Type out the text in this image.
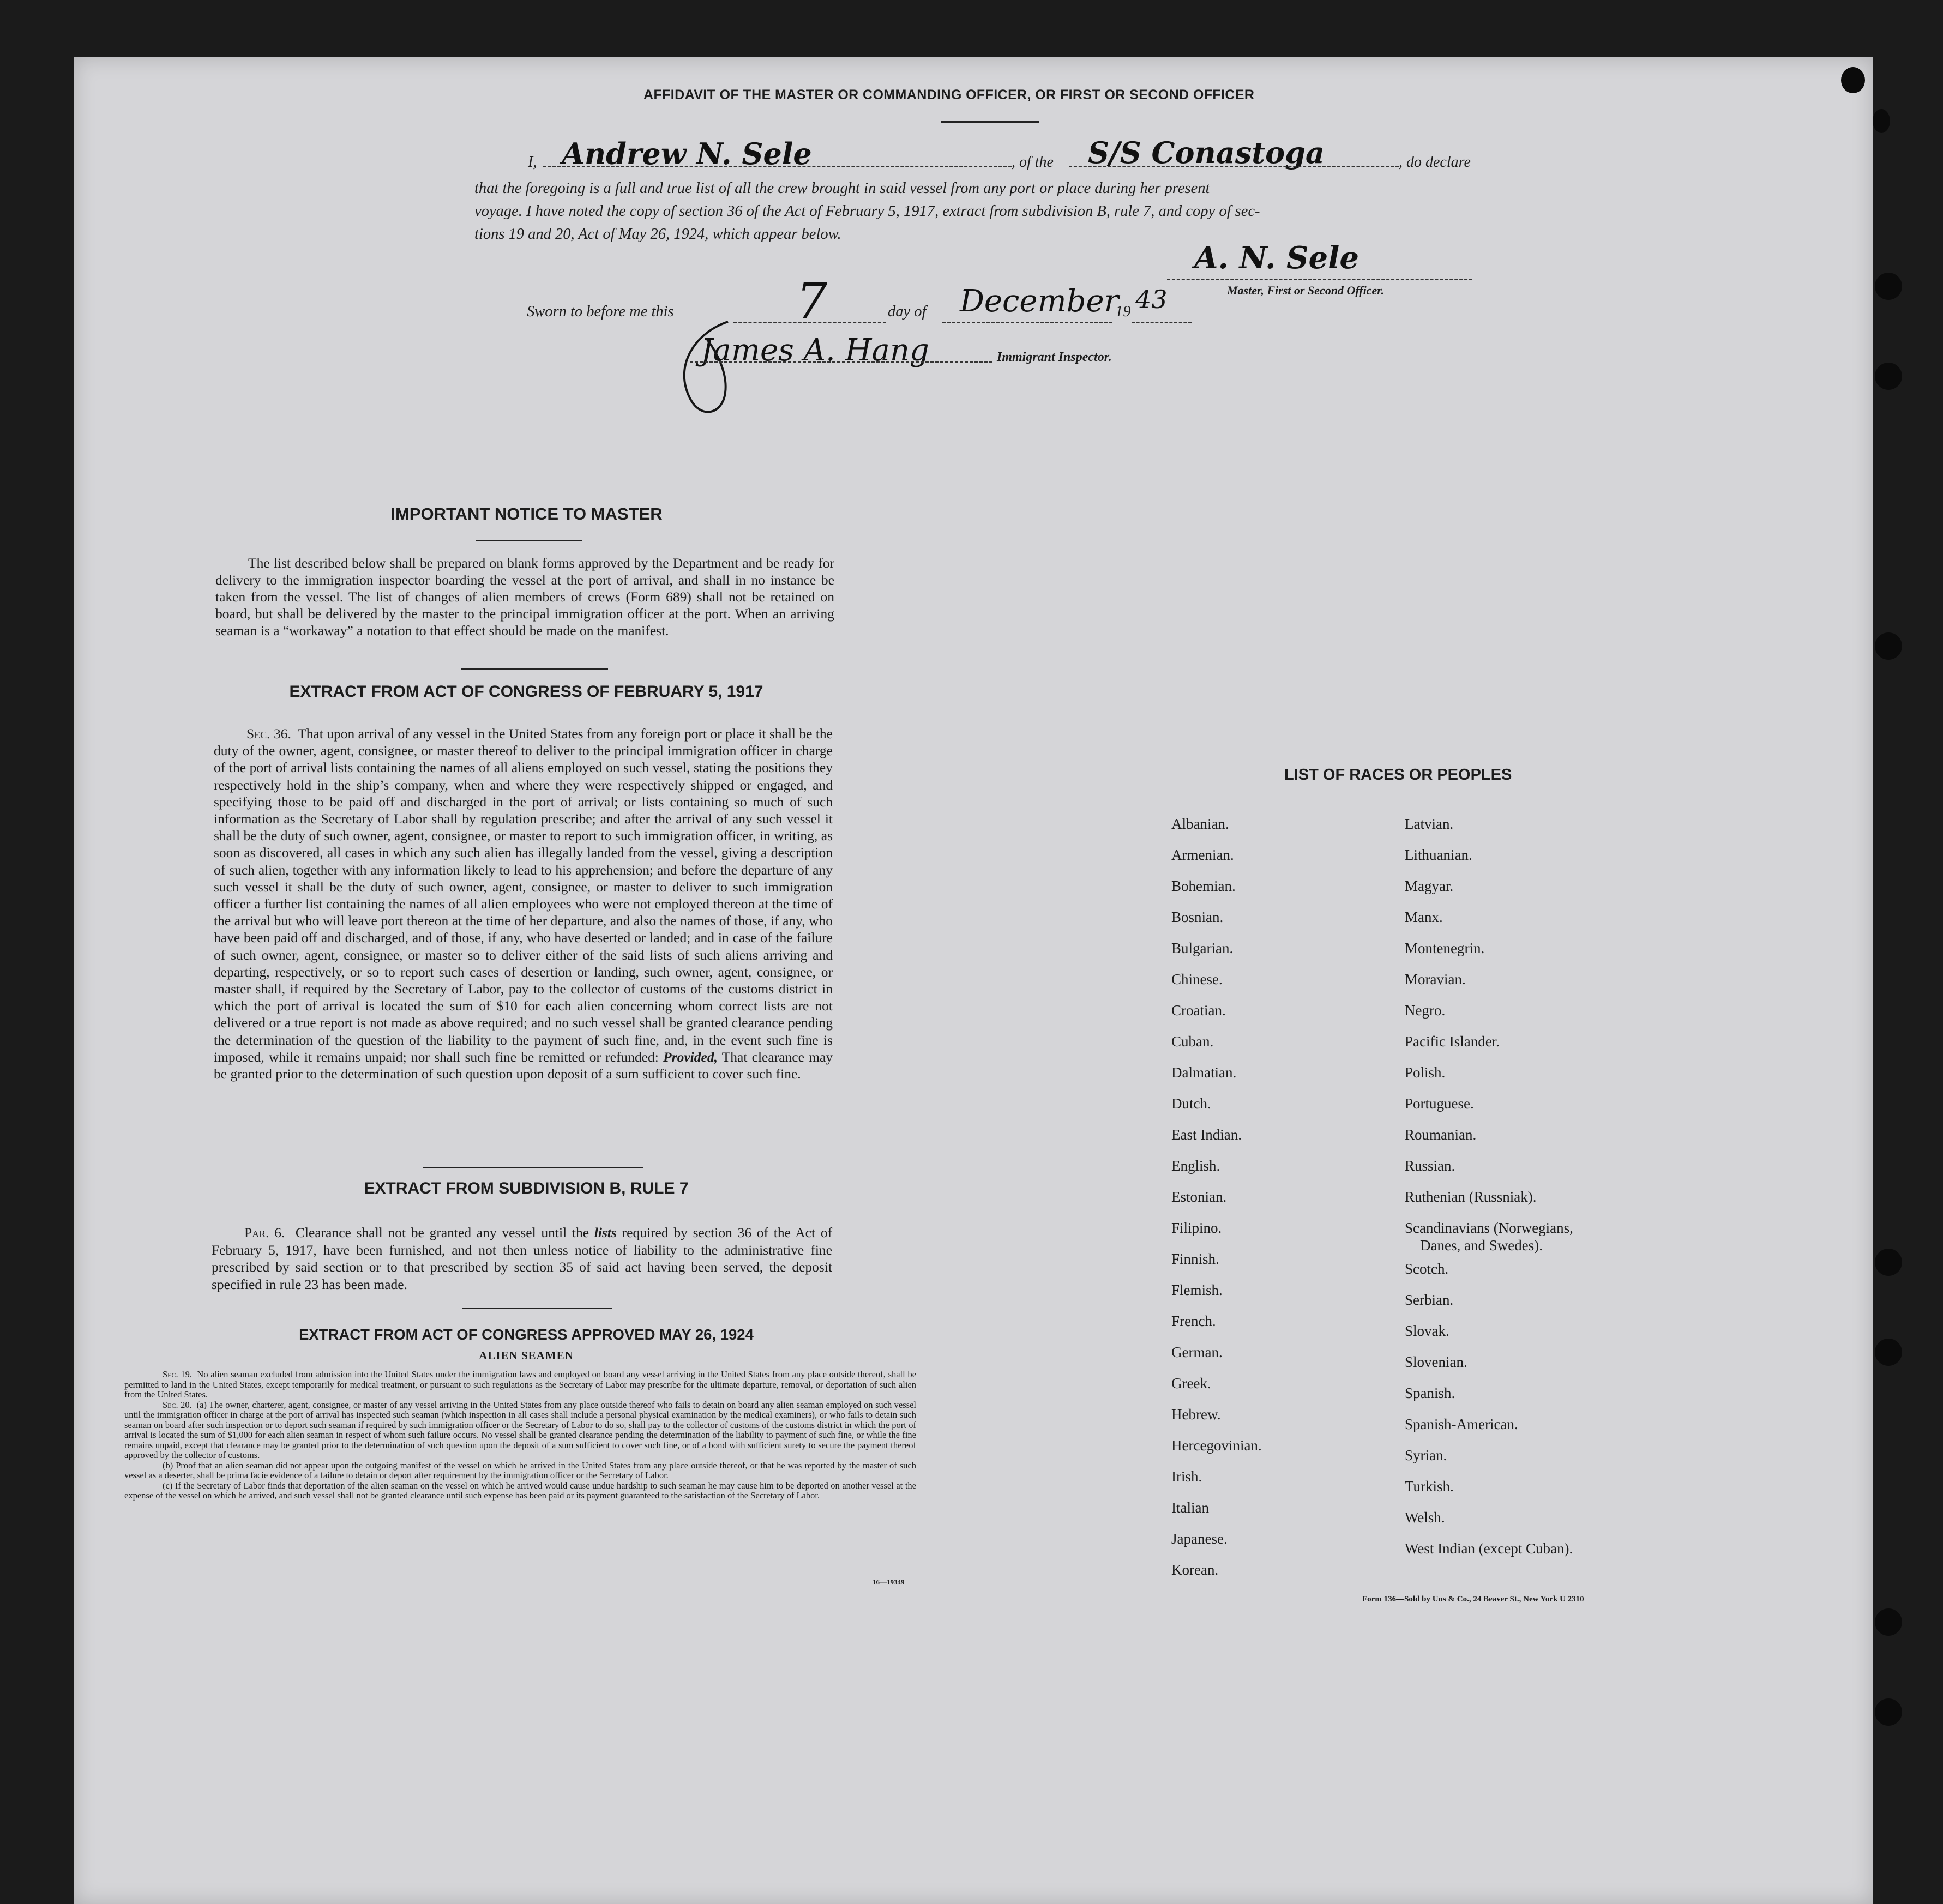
AFFIDAVIT OF THE MASTER OR COMMANDING OFFICER, OR FIRST OR SECOND OFFICER
I, Andrew N. Sele	, of the S/S Conastoga	, do declare
that the foregoing is a full and true list of all the crew brought in said vessel from any port or place during her present
voyage. I have noted the copy of section 36 of the Act of February 5, 1917, extract from subdivision B, rule 7, and copy of sec-
tions 19 and 20, Act of May 26, 1924, which appear below.
A. N. Sele
Master, First or Second Officer.
Sworn to before me this 7	day of December
19 43
James A. Hang	Immigrant Inspector.
IMPORTANT NOTICE TO MASTER
The list described below shall be prepared on blank forms approved by the Department and be ready for delivery to the immigration inspector boarding the vessel at the port of arrival, and shall in no instance be taken from the vessel. The list of changes of alien members of crews (Form 689) shall not be retained on board, but shall be delivered by the master to the principal immigration officer at the port. When an arriving seaman is a “workaway” a notation to that effect should be made on the manifest.
EXTRACT FROM ACT OF CONGRESS OF FEBRUARY 5, 1917
Sec. 36. That upon arrival of any vessel in the United States from any foreign port or place it shall be the duty of the owner, agent, consignee, or master thereof to deliver to the principal immigration officer in charge of the port of arrival lists containing the names of all aliens employed on such vessel, stating the positions they respectively hold in the ship’s company, when and where they were respectively shipped or engaged, and specifying those to be paid off and discharged in the port of arrival; or lists containing so much of such information as the Secretary of Labor shall by regulation prescribe; and after the arrival of any such vessel it shall be the duty of such owner, agent, consignee, or master to report to such immigration officer, in writing, as soon as discovered, all cases in which any such alien has illegally landed from the vessel, giving a description of such alien, together with any information likely to lead to his apprehension; and before the departure of any such vessel it shall be the duty of such owner, agent, consignee, or master to deliver to such immigration officer a further list containing the names of all alien employees who were not employed thereon at the time of the arrival but who will leave port thereon at the time of her departure, and also the names of those, if any, who have been paid off and discharged, and of those, if any, who have deserted or landed; and in case of the failure of such owner, agent, consignee, or master so to deliver either of the said lists of such aliens arriving and departing, respectively, or so to report such cases of desertion or landing, such owner, agent, consignee, or master shall, if required by the Secretary of Labor, pay to the collector of customs of the customs district in which the port of arrival is located the sum of $10 for each alien concerning whom correct lists are not delivered or a true report is not made as above required; and no such vessel shall be granted clearance pending the determination of the question of the liability to the payment of such fine, and, in the event such fine is imposed, while it remains unpaid; nor shall such fine be remitted or refunded: Provided, That clearance may be granted prior to the determination of such question upon deposit of a sum sufficient to cover such fine.
EXTRACT FROM SUBDIVISION B, RULE 7
Par. 6. Clearance shall not be granted any vessel until the lists required by section 36 of the Act of February 5, 1917, have been furnished, and not then unless notice of liability to the administrative fine prescribed by said section or to that prescribed by section 35 of said act having been served, the deposit specified in rule 23 has been made.
EXTRACT FROM ACT OF CONGRESS APPROVED MAY 26, 1924
ALIEN SEAMEN

Sec. 19. No alien seaman excluded from admission into the United States under the immigration laws and employed on board any vessel arriving in the United States from any place outside thereof, shall be permitted to land in the United States, except temporarily for medical treatment, or pursuant to such regulations as the Secretary of Labor may prescribe for the ultimate departure, removal, or deportation of such alien from the United States.

Sec. 20. (a) The owner, charterer, agent, consignee, or master of any vessel arriving in the United States from any place outside thereof who fails to detain on board any alien seaman employed on such vessel until the immigration officer in charge at the port of arrival has inspected such seaman (which inspection in all cases shall include a personal physical examination by the medical examiners), or who fails to detain such seaman on board after such inspection or to deport such seaman if required by such immigration officer or the Secretary of Labor to do so, shall pay to the collector of customs of the customs district in which the port of arrival is located the sum of $1,000 for each alien seaman in respect of whom such failure occurs. No vessel shall be granted clearance pending the determination of the liability to payment of such fine, or while the fine remains unpaid, except that clearance may be granted prior to the determination of such question upon the deposit of a sum sufficient to cover such fine, or of a bond with sufficient surety to secure the payment thereof approved by the collector of customs.

(b) Proof that an alien seaman did not appear upon the outgoing manifest of the vessel on which he arrived in the United States from any place outside thereof, or that he was reported by the master of such vessel as a deserter, shall be prima facie evidence of a failure to detain or deport after requirement by the immigration officer or the Secretary of Labor.

(c) If the Secretary of Labor finds that deportation of the alien seaman on the vessel on which he arrived would cause undue hardship to such seaman he may cause him to be deported on another vessel at the expense of the vessel on which he arrived, and such vessel shall not be granted clearance until such expense has been paid or its payment guaranteed to the satisfaction of the Secretary of Labor.

16—19349
LIST OF RACES OR PEOPLES
Albanian.
Armenian.
Bohemian.
Bosnian.
Bulgarian.
Chinese.
Croatian.
Cuban.
Dalmatian.
Dutch.
East Indian.
English.
Estonian.
Filipino.
Finnish.
Flemish.
French.
German.
Greek.
Hebrew.
Hercegovinian.
Irish.
Italian
Japanese.
Korean.
Latvian.
Lithuanian.
Magyar.
Manx.
Montenegrin.
Moravian.
Negro.
Pacific Islander.
Polish.
Portuguese.
Roumanian.
Russian.
Ruthenian (Russniak).
Scandinavians (Norwegians,
Danes, and Swedes).
Scotch.
Serbian.
Slovak.
Slovenian.
Spanish.
Spanish-American.
Syrian.
Turkish.
Welsh.
West Indian (except Cuban).
Form 136—Sold by Uns & Co., 24 Beaver St., New York U 2310
